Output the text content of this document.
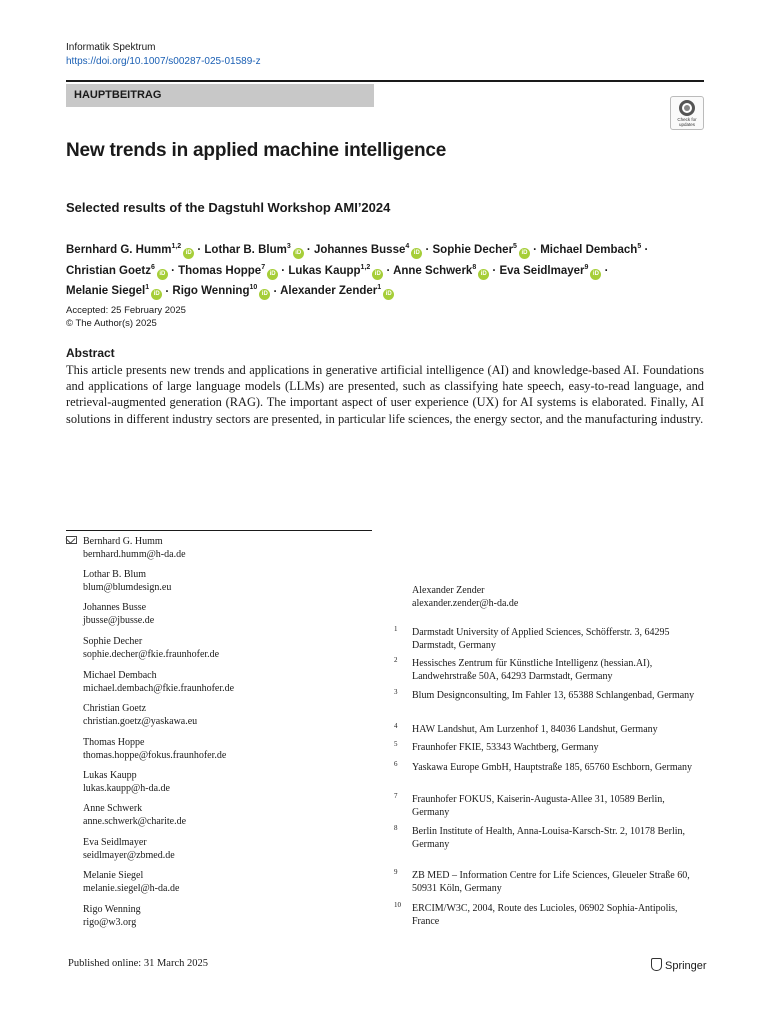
Informatik Spektrum
https://doi.org/10.1007/s00287-025-01589-z
HAUPTBEITRAG
Check for updates
New trends in applied machine intelligence
Selected results of the Dagstuhl Workshop AMI’2024
Bernhard G. Humm$^{1,2}$iD · Lothar B. Blum$^3$iD · Johannes Busse$^4$iD · Sophie Decher$^5$iD · Michael Dembach$^5$ ·
Christian Goetz$^6$iD · Thomas Hoppe$^7$iD · Lukas Kaupp$^{1,2}$iD · Anne Schwerk$^8$iD · Eva Seidlmayer$^9$iD ·
Melanie Siegel$^1$iD · Rigo Wenning$^{10}$iD · Alexander Zender$^1$iD
Accepted: 25 February 2025
© The Author(s) 2025
Abstract

This article presents new trends and applications in generative artificial intelligence (AI) and knowledge-based AI. Foundations and applications of large language models (LLMs) are presented, such as classifying hate speech, easy-to-read language, and retrieval-augmented generation (RAG). The important aspect of user experience (UX) for AI systems is elaborated. Finally, AI solutions in different industry sectors are presented, in particular life sciences, the energy sector, and the manufacturing industry.

Bernhard G. Humm
bernhard.humm@h-da.de
Lothar B. Blum
blum@blumdesign.eu
Johannes Busse
jbusse@jbusse.de
Sophie Decher
sophie.decher@fkie.fraunhofer.de
Michael Dembach
michael.dembach@fkie.fraunhofer.de
Christian Goetz
christian.goetz@yaskawa.eu
Thomas Hoppe
thomas.hoppe@fokus.fraunhofer.de
Lukas Kaupp
lukas.kaupp@h-da.de
Anne Schwerk
anne.schwerk@charite.de
Eva Seidlmayer
seidlmayer@zbmed.de
Melanie Siegel
melanie.siegel@h-da.de
Rigo Wenning
rigo@w3.org
Alexander Zender
alexander.zender@h-da.de
1 Darmstadt University of Applied Sciences, Schöfferstr. 3, 64295 Darmstadt, Germany
2 Hessisches Zentrum für Künstliche Intelligenz (hessian.AI), Landwehrstraße 50A, 64293 Darmstadt, Germany
3 Blum Designconsulting, Im Fahler 13, 65388 Schlangenbad, Germany
4 HAW Landshut, Am Lurzenhof 1, 84036 Landshut, Germany
5 Fraunhofer FKIE, 53343 Wachtberg, Germany
6 Yaskawa Europe GmbH, Hauptstraße 185, 65760 Eschborn, Germany
7 Fraunhofer FOKUS, Kaiserin-Augusta-Allee 31, 10589 Berlin, Germany
8 Berlin Institute of Health, Anna-Louisa-Karsch-Str. 2, 10178 Berlin, Germany
9 ZB MED – Information Centre for Life Sciences, Gleueler Straße 60, 50931 Köln, Germany
10 ERCIM/W3C, 2004, Route des Lucioles, 06902 Sophia-Antipolis, France
Published online: 31 March 2025	Springer
